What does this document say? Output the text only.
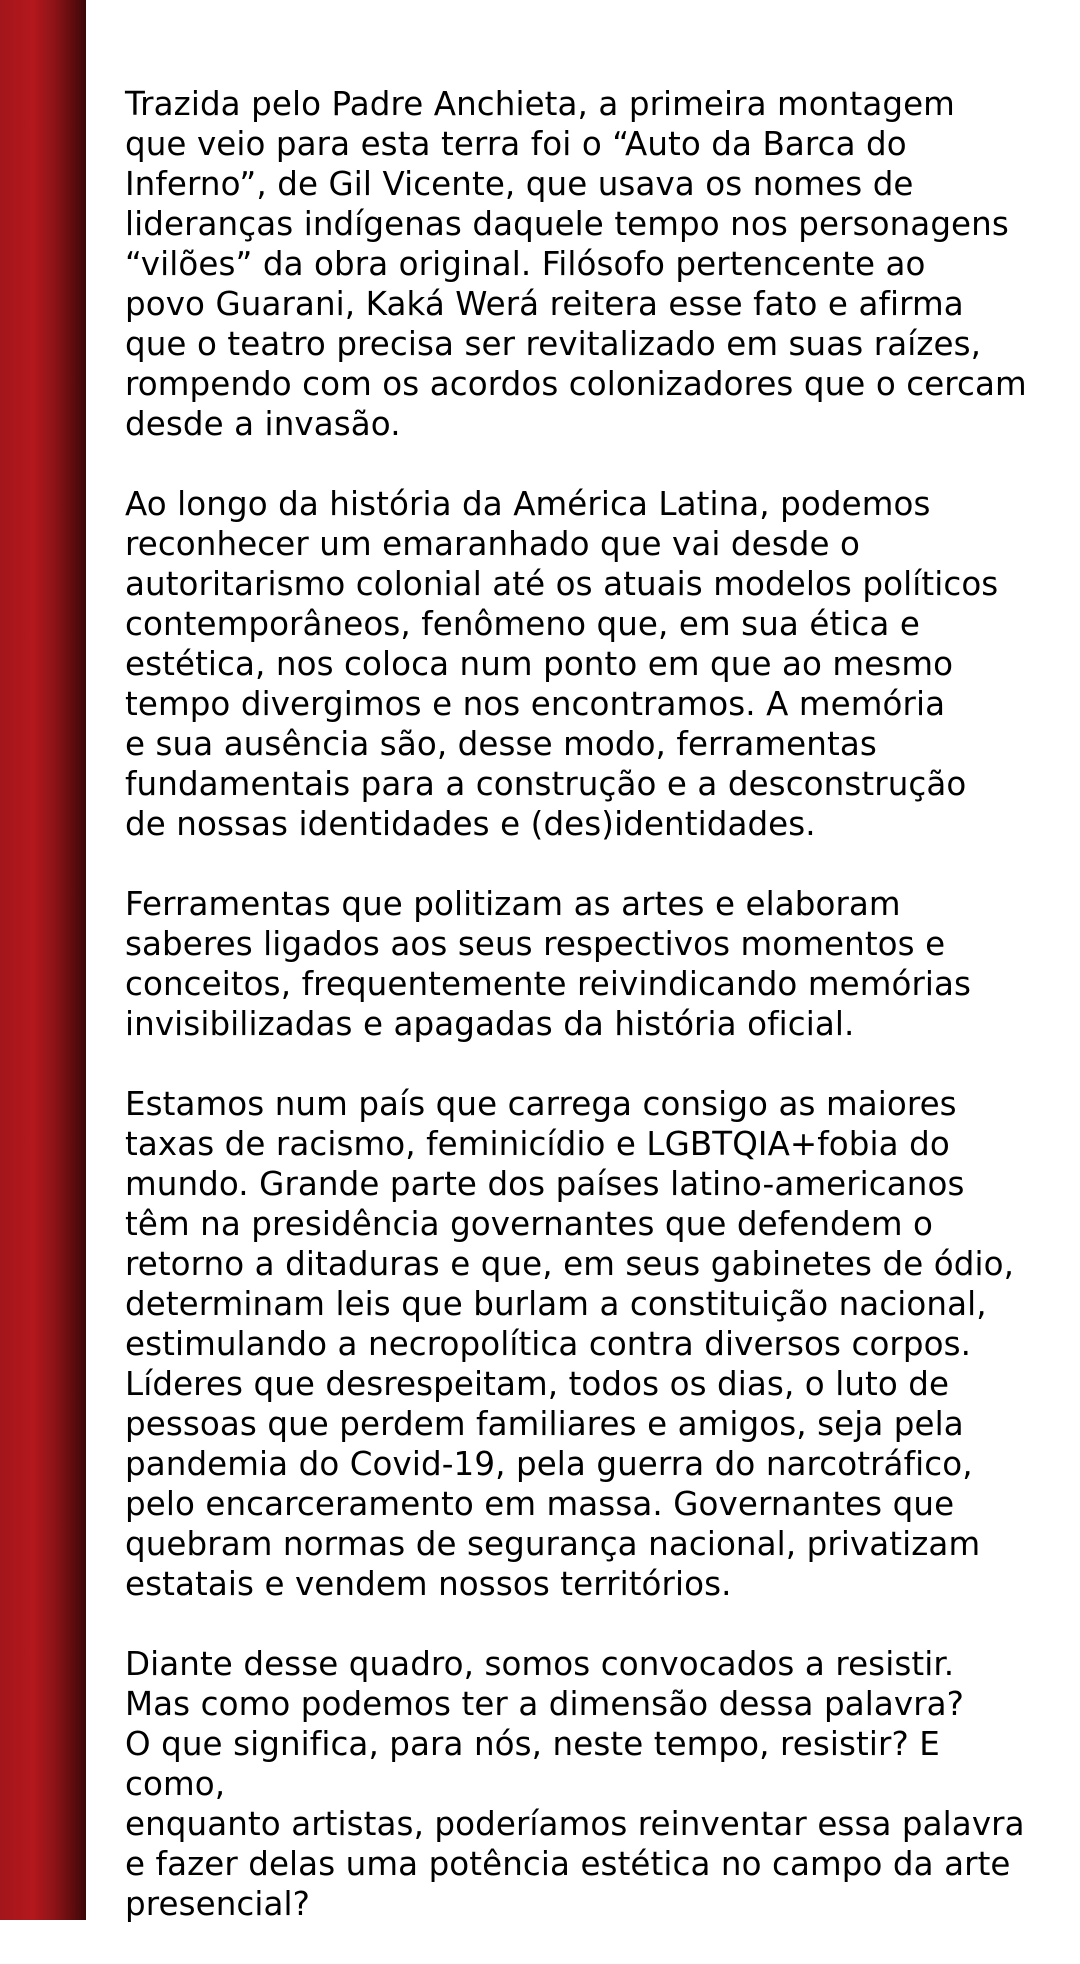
Trazida pelo Padre Anchieta, a primeira montagem
que veio para esta terra foi o “Auto da Barca do
Inferno”, de Gil Vicente, que usava os nomes de
lideranças indígenas daquele tempo nos personagens
“vilões” da obra original. Filósofo pertencente ao
povo Guarani, Kaká Werá reitera esse fato e afirma
que o teatro precisa ser revitalizado em suas raízes,
rompendo com os acordos colonizadores que o cercam
desde a invasão.

Ao longo da história da América Latina, podemos
reconhecer um emaranhado que vai desde o
autoritarismo colonial até os atuais modelos políticos
contemporâneos, fenômeno que, em sua ética e
estética, nos coloca num ponto em que ao mesmo
tempo divergimos e nos encontramos. A memória
e sua ausência são, desse modo, ferramentas
fundamentais para a construção e a desconstrução
de nossas identidades e (des)identidades.

Ferramentas que politizam as artes e elaboram
saberes ligados aos seus respectivos momentos e
conceitos, frequentemente reivindicando memórias
invisibilizadas e apagadas da história oficial.

Estamos num país que carrega consigo as maiores
taxas de racismo, feminicídio e LGBTQIA+fobia do
mundo. Grande parte dos países latino-americanos
têm na presidência governantes que defendem o
retorno a ditaduras e que, em seus gabinetes de ódio,
determinam leis que burlam a constituição nacional,
estimulando a necropolítica contra diversos corpos.
Líderes que desrespeitam, todos os dias, o luto de
pessoas que perdem familiares e amigos, seja pela
pandemia do Covid-19, pela guerra do narcotráfico,
pelo encarceramento em massa. Governantes que
quebram normas de segurança nacional, privatizam
estatais e vendem nossos territórios.

Diante desse quadro, somos convocados a resistir.
Mas como podemos ter a dimensão dessa palavra?
O que significa, para nós, neste tempo, resistir? E como,
enquanto artistas, poderíamos reinventar essa palavra
e fazer delas uma potência estética no campo da arte
presencial?
